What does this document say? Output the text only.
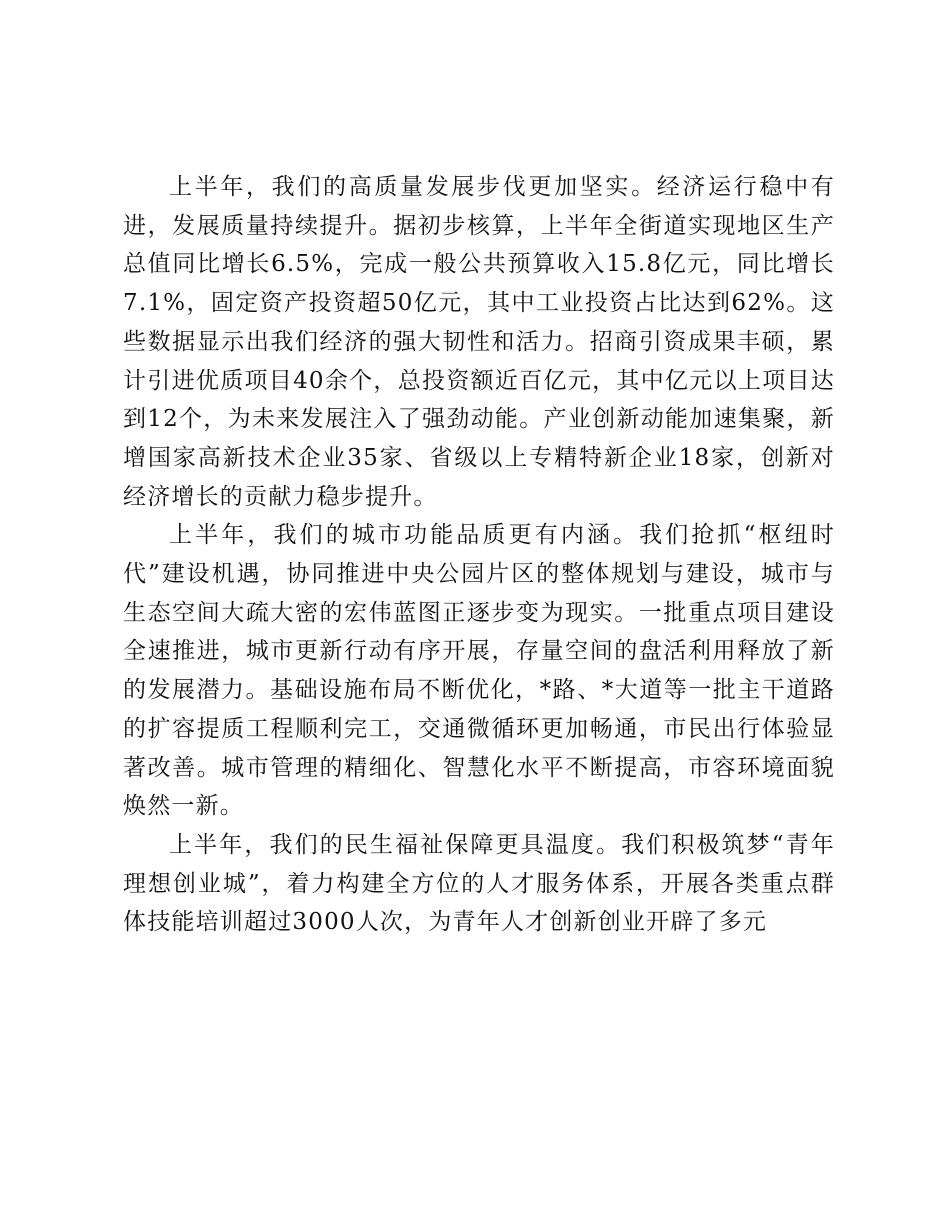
上半年，我们的高质量发展步伐更加坚实。经济运行稳中有进，发展质量持续提升。据初步核算，上半年全街道实现地区生产总值同比增长6.5%，完成一般公共预算收入15.8亿元，同比增长7.1%，固定资产投资超50亿元，其中工业投资占比达到62%。这些数据显示出我们经济的强大韧性和活力。招商引资成果丰硕，累计引进优质项目40余个，总投资额近百亿元，其中亿元以上项目达到12个，为未来发展注入了强劲动能。产业创新动能加速集聚，新增国家高新技术企业35家、省级以上专精特新企业18家，创新对经济增长的贡献力稳步提升。

上半年，我们的城市功能品质更有内涵。我们抢抓“枢纽时代”建设机遇，协同推进中央公园片区的整体规划与建设，城市与生态空间大疏大密的宏伟蓝图正逐步变为现实。一批重点项目建设全速推进，城市更新行动有序开展，存量空间的盘活利用释放了新的发展潜力。基础设施布局不断优化，*路、*大道等一批主干道路的扩容提质工程顺利完工，交通微循环更加畅通，市民出行体验显著改善。城市管理的精细化、智慧化水平不断提高，市容环境面貌焕然一新。

上半年，我们的民生福祉保障更具温度。我们积极筑梦“青年理想创业城”，着力构建全方位的人才服务体系，开展各类重点群体技能培训超过3000人次，为青年人才创新创业开辟了多元
